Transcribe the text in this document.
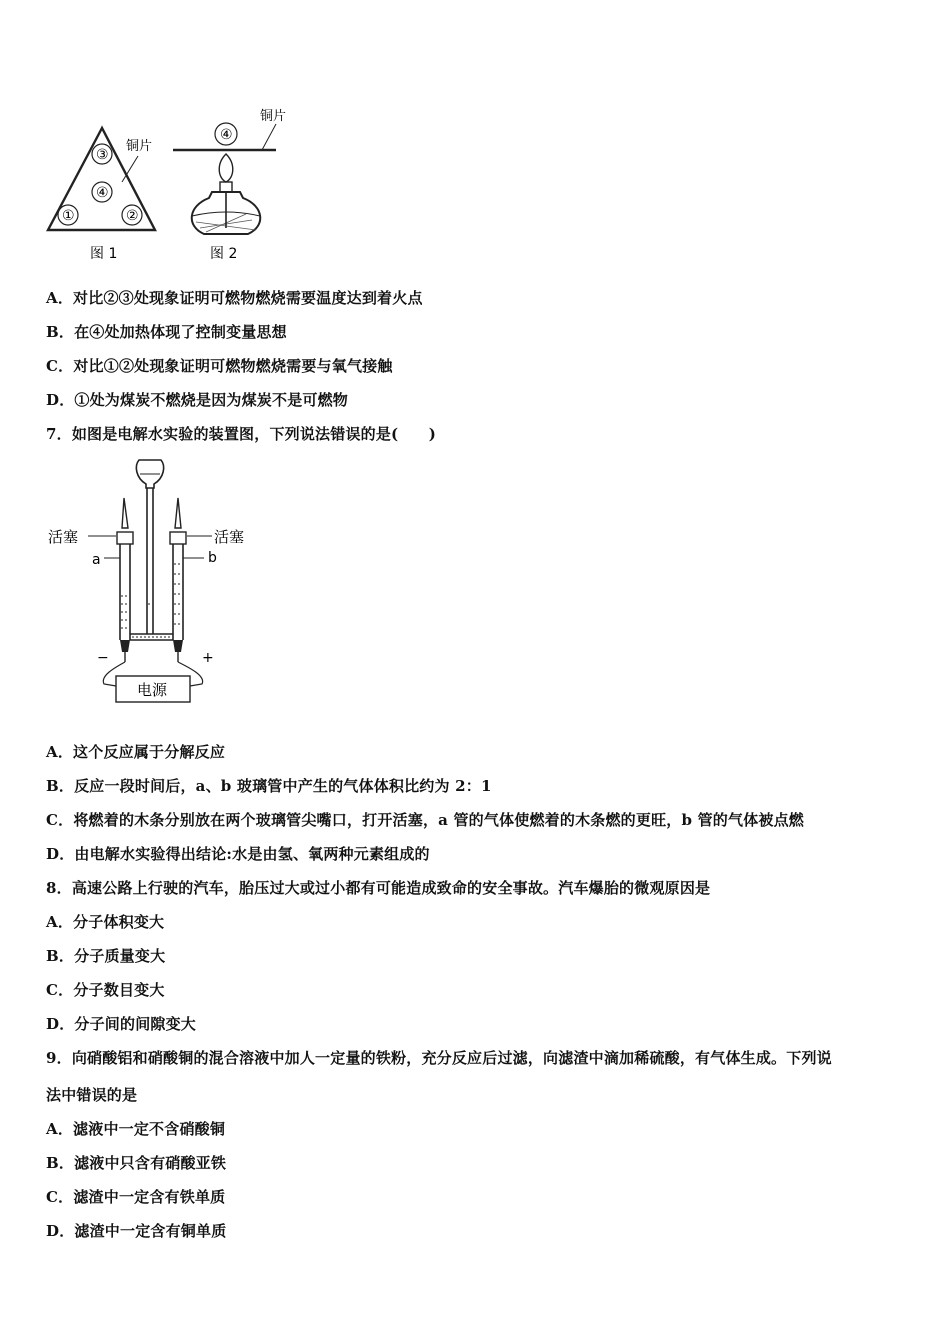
③
④
①	②
铜片
图 1
④
铜片
图 2
A．对比②③处现象证明可燃物燃烧需要温度达到着火点
B．在④处加热体现了控制变量思想
C．对比①②处现象证明可燃物燃烧需要与氧气接触
D．①处为煤炭不燃烧是因为煤炭不是可燃物
7．如图是电解水实验的装置图，下列说法错误的是(　　)
电源
活塞	活塞
a	b
−	+
A．这个反应属于分解反应
B．反应一段时间后，a、b 玻璃管中产生的气体体积比约为 2：1
C．将燃着的木条分别放在两个玻璃管尖嘴口，打开活塞，a 管的气体使燃着的木条燃的更旺，b 管的气体被点燃
D．由电解水实验得出结论:水是由氢、氧两种元素组成的
8．高速公路上行驶的汽车，胎压过大或过小都有可能造成致命的安全事故。汽车爆胎的微观原因是
A．分子体积变大
B．分子质量变大
C．分子数目变大
D．分子间的间隙变大
9．向硝酸铝和硝酸铜的混合溶液中加人一定量的铁粉，充分反应后过滤，向滤渣中滴加稀硫酸，有气体生成。下列说
法中错误的是
A．滤液中一定不含硝酸铜
B．滤液中只含有硝酸亚铁
C．滤渣中一定含有铁单质
D．滤渣中一定含有铜单质
